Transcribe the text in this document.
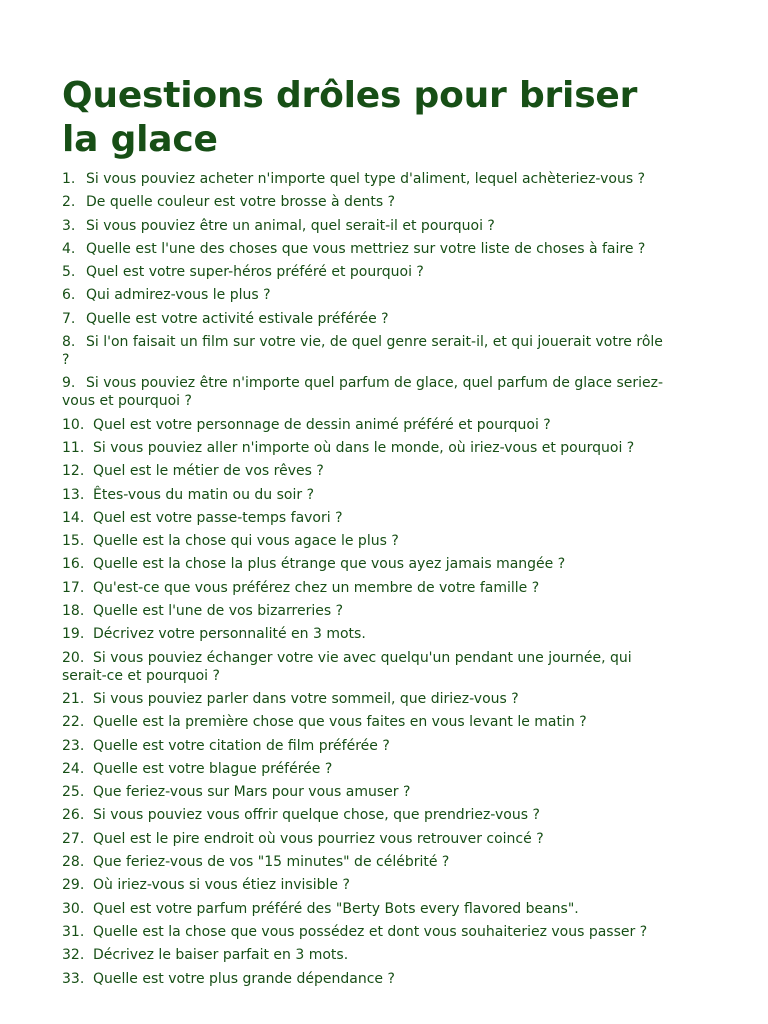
Questions drôles pour briser la glace
1. Si vous pouviez acheter n'importe quel type d'aliment, lequel achèteriez-vous ?
2. De quelle couleur est votre brosse à dents ?
3. Si vous pouviez être un animal, quel serait-il et pourquoi ?
4. Quelle est l'une des choses que vous mettriez sur votre liste de choses à faire ?
5. Quel est votre super-héros préféré et pourquoi ?
6. Qui admirez-vous le plus ?
7. Quelle est votre activité estivale préférée ?
8. Si l'on faisait un film sur votre vie, de quel genre serait-il, et qui jouerait votre rôle ?
9. Si vous pouviez être n'importe quel parfum de glace, quel parfum de glace seriez-vous et pourquoi ?
10. Quel est votre personnage de dessin animé préféré et pourquoi ?
11. Si vous pouviez aller n'importe où dans le monde, où iriez-vous et pourquoi ?
12. Quel est le métier de vos rêves ?
13. Êtes-vous du matin ou du soir ?
14. Quel est votre passe-temps favori ?
15. Quelle est la chose qui vous agace le plus ?
16. Quelle est la chose la plus étrange que vous ayez jamais mangée ?
17. Qu'est-ce que vous préférez chez un membre de votre famille ?
18. Quelle est l'une de vos bizarreries ?
19. Décrivez votre personnalité en 3 mots.
20. Si vous pouviez échanger votre vie avec quelqu'un pendant une journée, qui serait-ce et pourquoi ?
21. Si vous pouviez parler dans votre sommeil, que diriez-vous ?
22. Quelle est la première chose que vous faites en vous levant le matin ?
23. Quelle est votre citation de film préférée ?
24. Quelle est votre blague préférée ?
25. Que feriez-vous sur Mars pour vous amuser ?
26. Si vous pouviez vous offrir quelque chose, que prendriez-vous ?
27. Quel est le pire endroit où vous pourriez vous retrouver coincé ?
28. Que feriez-vous de vos "15 minutes" de célébrité ?
29. Où iriez-vous si vous étiez invisible ?
30. Quel est votre parfum préféré des "Berty Bots every flavored beans".
31. Quelle est la chose que vous possédez et dont vous souhaiteriez vous passer ?
32. Décrivez le baiser parfait en 3 mots.
33. Quelle est votre plus grande dépendance ?
